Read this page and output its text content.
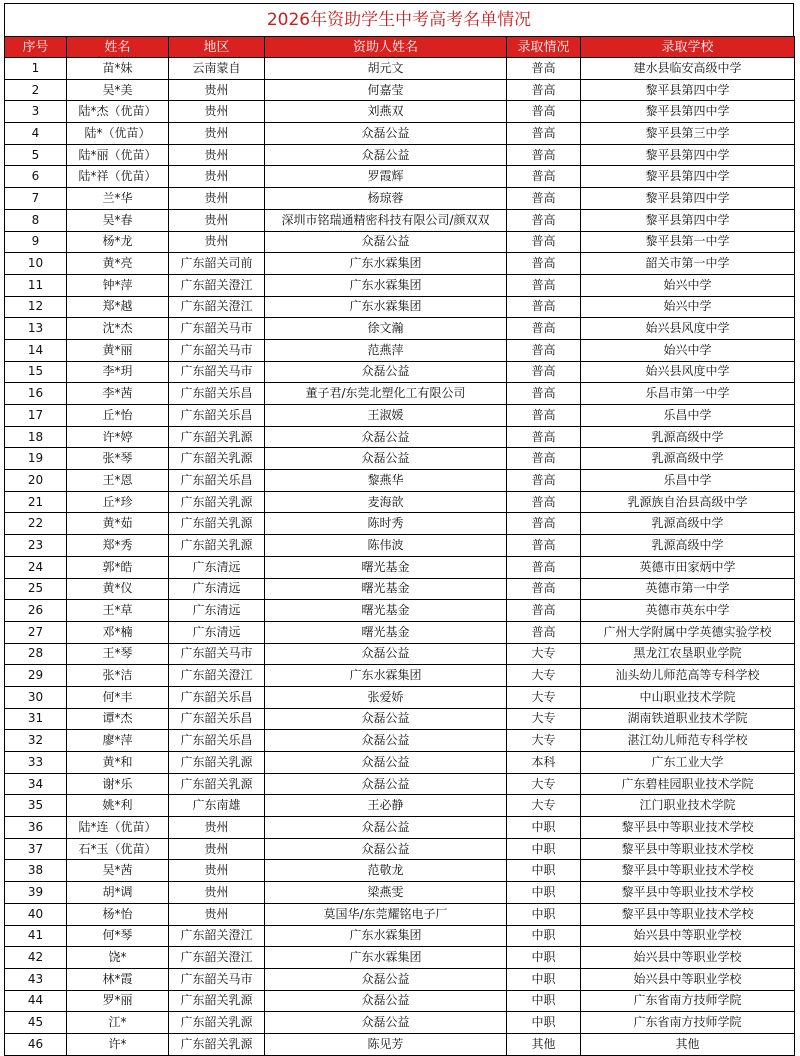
2026年资助学生中考高考名单情况
序号	姓名	地区	资助人姓名	录取情况	录取学校
1	苗*妹	云南蒙自	胡元文	普高	建水县临安高级中学
2	吴*美	贵州	何嘉莹	普高	黎平县第四中学
3	陆*杰（优苗）	贵州	刘燕双	普高	黎平县第四中学
4	陆*（优苗）	贵州	众磊公益	普高	黎平县第三中学
5	陆*丽（优苗）	贵州	众磊公益	普高	黎平县第四中学
6	陆*祥（优苗）	贵州	罗霞辉	普高	黎平县第四中学
7	兰*华	贵州	杨琼蓉	普高	黎平县第四中学
8	吴*春	贵州	深圳市铭瑞通精密科技有限公司/颜双双	普高	黎平县第四中学
9	杨*龙	贵州	众磊公益	普高	黎平县第一中学
10	黄*亮	广东韶关司前	广东水霖集团	普高	韶关市第一中学
11	钟*萍	广东韶关澄江	广东水霖集团	普高	始兴中学
12	郑*越	广东韶关澄江	广东水霖集团	普高	始兴中学
13	沈*杰	广东韶关马市	徐文瀚	普高	始兴县风度中学
14	黄*丽	广东韶关马市	范燕萍	普高	始兴中学
15	李*玥	广东韶关马市	众磊公益	普高	始兴县风度中学
16	李*茜	广东韶关乐昌	董子君/东莞北塑化工有限公司	普高	乐昌市第一中学
17	丘*怡	广东韶关乐昌	王淑媛	普高	乐昌中学
18	许*婷	广东韶关乳源	众磊公益	普高	乳源高级中学
19	张*琴	广东韶关乳源	众磊公益	普高	乳源高级中学
20	王*恩	广东韶关乐昌	黎燕华	普高	乐昌中学
21	丘*珍	广东韶关乳源	麦海歆	普高	乳源族自治县高级中学
22	黄*茹	广东韶关乳源	陈时秀	普高	乳源高级中学
23	郑*秀	广东韶关乳源	陈伟波	普高	乳源高级中学
24	郭*皓	广东清远	曙光基金	普高	英德市田家炳中学
25	黄*仪	广东清远	曙光基金	普高	英德市第一中学
26	王*草	广东清远	曙光基金	普高	英德市英东中学
27	邓*楠	广东清远	曙光基金	普高	广州大学附属中学英德实验学校
28	王*琴	广东韶关马市	众磊公益	大专	黑龙江农垦职业学院
29	张*洁	广东韶关澄江	广东水霖集团	大专	汕头幼儿师范高等专科学校
30	何*丰	广东韶关乐昌	张爱娇	大专	中山职业技术学院
31	谭*杰	广东韶关乐昌	众磊公益	大专	湖南铁道职业技术学院
32	廖*萍	广东韶关乐昌	众磊公益	大专	湛江幼儿师范专科学校
33	黄*和	广东韶关乳源	众磊公益	本科	广东工业大学
34	谢*乐	广东韶关乳源	众磊公益	大专	广东碧桂园职业技术学院
35	姚*利	广东南雄	王必静	大专	江门职业技术学院
36	陆*连（优苗）	贵州	众磊公益	中职	黎平县中等职业技术学校
37	石*玉（优苗）	贵州	众磊公益	中职	黎平县中等职业技术学校
38	吴*茜	贵州	范敬龙	中职	黎平县中等职业技术学校
39	胡*调	贵州	梁燕雯	中职	黎平县中等职业技术学校
40	杨*怡	贵州	莫国华/东莞耀铭电子厂	中职	黎平县中等职业技术学校
41	何*琴	广东韶关澄江	广东水霖集团	中职	始兴县中等职业学校
42	饶*	广东韶关澄江	广东水霖集团	中职	始兴县中等职业学校
43	林*霞	广东韶关马市	众磊公益	中职	始兴县中等职业学校
44	罗*丽	广东韶关乳源	众磊公益	中职	广东省南方技师学院
45	江*	广东韶关乳源	众磊公益	中职	广东省南方技师学院
46	许*	广东韶关乳源	陈见芳	其他	其他
